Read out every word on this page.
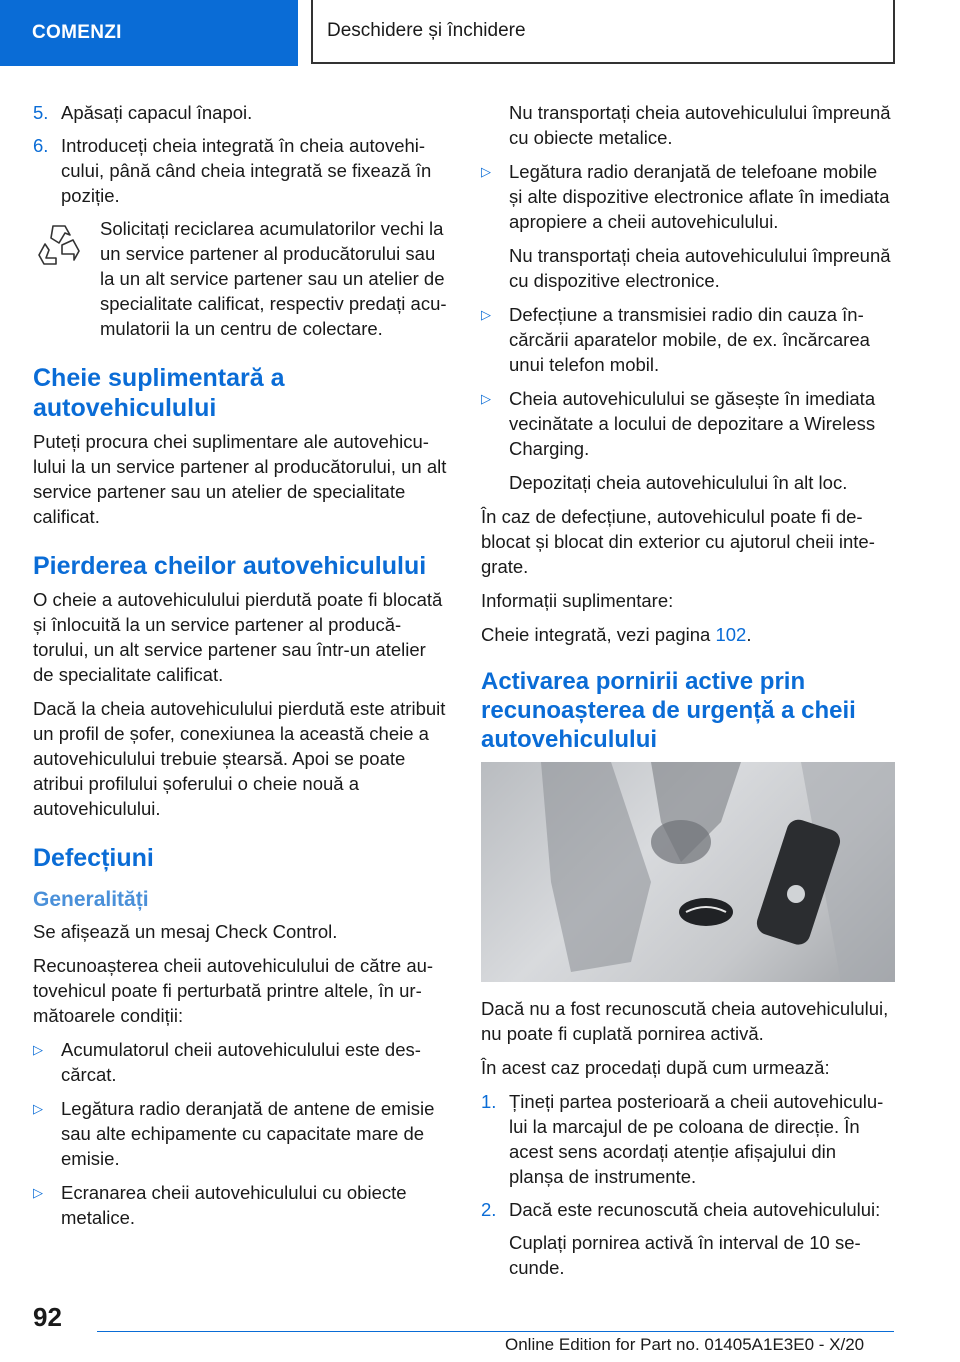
COMENZI	Deschidere și închidere
5. Apăsați capacul înapoi.
6. Introduceți cheia integrată în cheia autovehicului, până când cheia integrată se fixează în poziție.

Solicitați reciclarea acumulatorilor vechi la un service partener al producătorului sau la un alt service partener sau un atelier de specialitate calificat, respectiv predați acumulatorii la un centru de colectare.

Cheie suplimentară a autovehiculului

Puteți procura chei suplimentare ale autovehiculului la un service partener al producătorului, un alt service partener sau un atelier de specialitate calificat.

Pierderea cheilor autovehiculului

O cheie a autovehiculului pierdută poate fi blocată și înlocuită la un service partener al producătorului, un alt service partener sau într-un atelier de specialitate calificat.

Dacă la cheia autovehiculului pierdută este atribuit un profil de șofer, conexiunea la această cheie a autovehiculului trebuie ștearsă. Apoi se poate atribui profilului șoferului o cheie nouă a autovehiculului.

Defecțiuni
Generalități

Se afișează un mesaj Check Control.

Recunoașterea cheii autovehiculului de către autovehicul poate fi perturbată printre altele, în următoarele condiții:

▷ Acumulatorul cheii autovehiculului este descărcat.
▷ Legătura radio deranjată de antene de emisie sau alte echipamente cu capacitate mare de emisie.
▷ Ecranarea cheii autovehiculului cu obiecte metalice.

Nu transportați cheia autovehiculului împreună cu obiecte metalice.

▷ Legătura radio deranjată de telefoane mobile și alte dispozitive electronice aflate în imediata apropiere a cheii autovehiculului.

Nu transportați cheia autovehiculului împreună cu dispozitive electronice.

▷ Defecțiune a transmisiei radio din cauza încărcării aparatelor mobile, de ex. încărcarea unui telefon mobil.
▷ Cheia autovehiculului se găsește în imediata vecinătate a locului de depozitare a Wireless Charging.

Depozitați cheia autovehiculului în alt loc.

În caz de defecțiune, autovehiculul poate fi deblocat și blocat din exterior cu ajutorul cheii integrate.

Informații suplimentare:

Cheie integrată, vezi pagina 102.

Activarea pornirii active prin recunoașterea de urgență a cheii autovehiculului

Dacă nu a fost recunoscută cheia autovehiculului, nu poate fi cuplată pornirea activă.

În acest caz procedați după cum urmează:

1. Țineți partea posterioară a cheii autovehiculului la marcajul de pe coloana de direcție. În acest sens acordați atenție afișajului din planșa de instrumente.
2. Dacă este recunoscută cheia autovehiculului:

Cuplați pornirea activă în interval de 10 secunde.

92
Online Edition for Part no. 01405A1E3E0 - X/20
